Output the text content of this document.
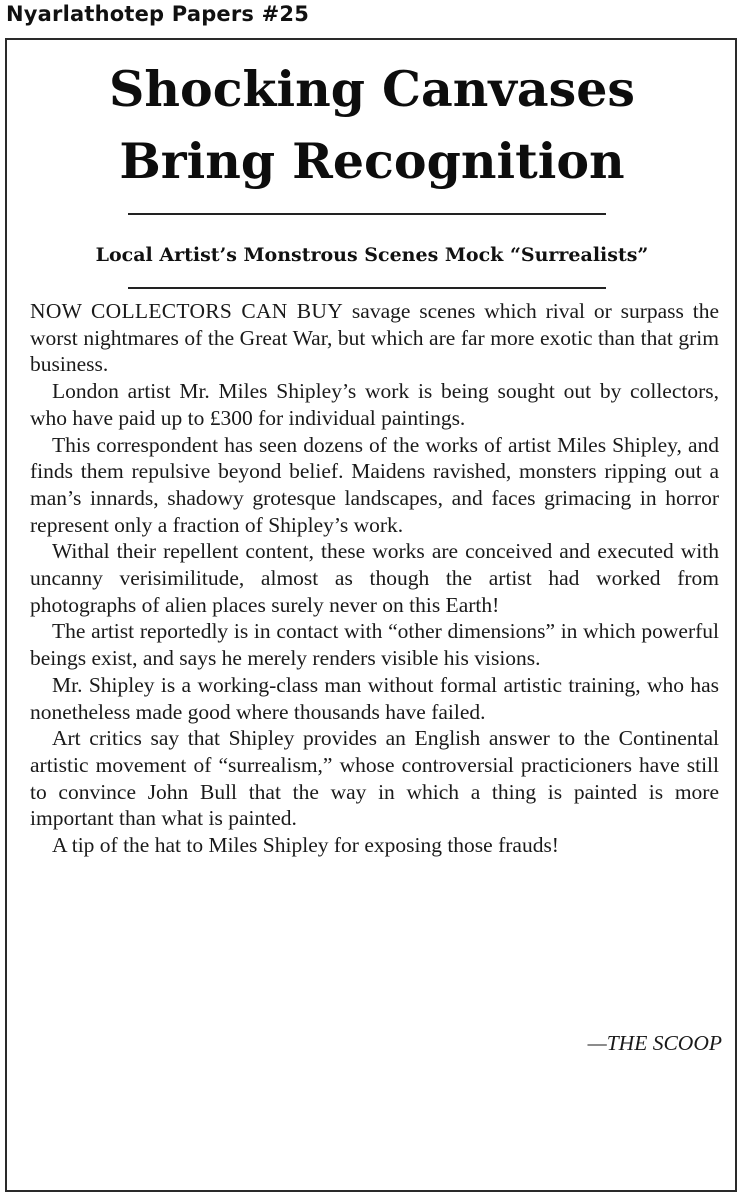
Nyarlathotep Papers #25
Shocking Canvases
Bring Recognition
Local Artist’s Monstrous Scenes Mock “Surrealists”

NOW COLLECTORS CAN BUY savage scenes which rival or surpass the worst nightmares of the Great War, but which are far more exotic than that grim business.

London artist Mr. Miles Shipley’s work is being sought out by collectors, who have paid up to £300 for individual paintings.

This correspondent has seen dozens of the works of artist Miles Shipley, and finds them repulsive beyond belief. Maidens ravished, monsters ripping out a man’s innards, shadowy grotesque landscapes, and faces grimacing in horror represent only a fraction of Shipley’s work.

Withal their repellent content, these works are conceived and executed with uncanny verisimilitude, almost as though the artist had worked from photographs of alien places surely never on this Earth!

The artist reportedly is in contact with “other dimensions” in which powerful beings exist, and says he merely renders visible his visions.

Mr. Shipley is a working-class man without formal artistic training, who has nonetheless made good where thousands have failed.

Art critics say that Shipley provides an English answer to the Continental artistic movement of “surrealism,” whose controversial practicioners have still to convince John Bull that the way in which a thing is painted is more important than what is painted.

A tip of the hat to Miles Shipley for exposing those frauds!

—THE SCOOP
